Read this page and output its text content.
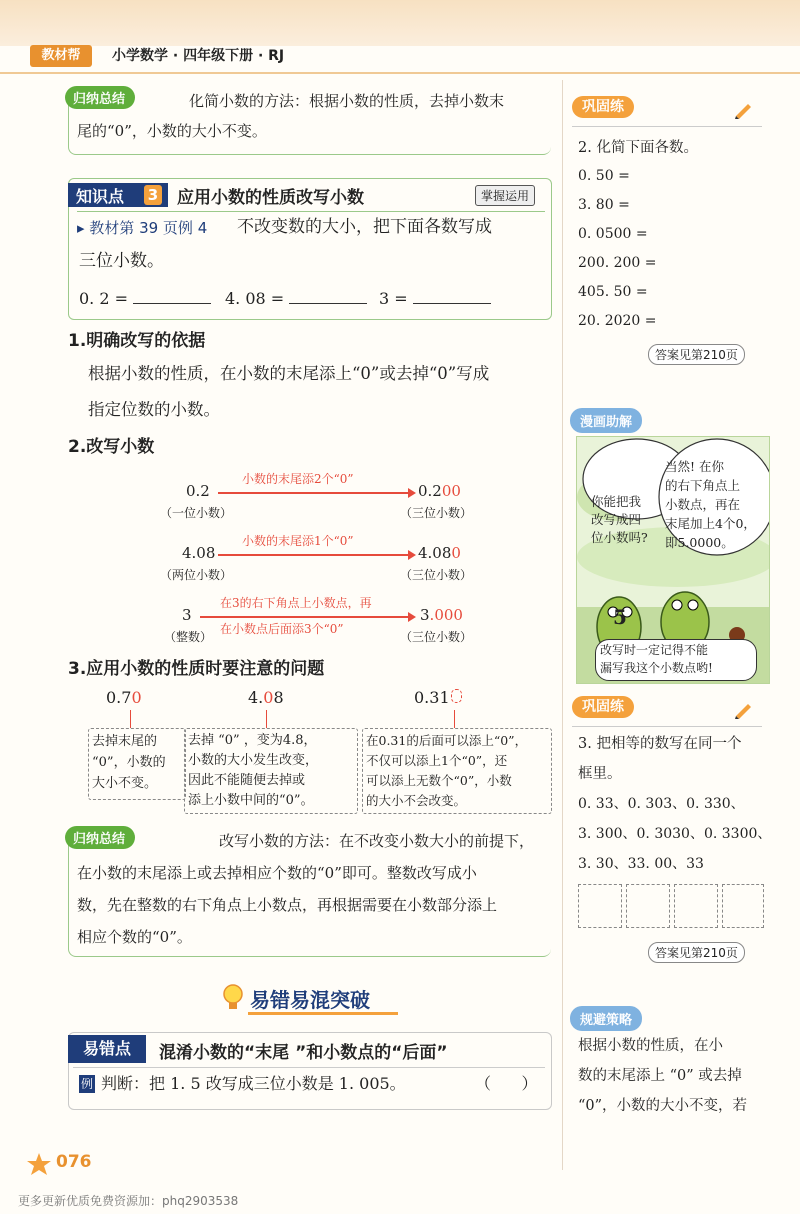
教材帮	小学数学 · 四年级下册 · RJ
归纳总结	化简小数的方法：根据小数的性质，去掉小数末
尾的“0”，小数的大小不变。
知识点 3 应用小数的性质改写小数	掌握运用
▸ 教材第 39 页例 4 不改变数的大小，把下面各数写成
三位小数。
0. 2 =	4. 08 =	3 =
1.明确改写的依据
根据小数的性质，在小数的末尾添上“0”或去掉“0”写成
指定位数的小数。
2.改写小数
0.2
（一位小数）
小数的末尾添2个“0”
0.200
（三位小数）
4.08
（两位小数）
小数的末尾添1个“0”
4.080
（三位小数）
3
（整数）
在3的右下角点上小数点，再
在小数点后面添3个“0”
3.000
（三位小数）
3.应用小数的性质时要注意的问题
0.70	4.08	0.31
去掉末尾的
“0”，小数的
大小不变。
去掉 “0” ，变为4.8，
小数的大小发生改变，
因此不能随便去掉或
添上小数中间的“0”。
在0.31的后面可以添上“0”，
不仅可以添上1个“0”，还
可以添上无数个“0”，小数
的大小不会改变。
归纳总结	改写小数的方法：在不改变小数大小的前提下，
在小数的末尾添上或去掉相应个数的“0”即可。整数改写成小
数，先在整数的右下角点上小数点，再根据需要在小数部分添上
相应个数的“0”。
易错易混突破
易错点	混淆小数的“末尾 ”和小数点的“后面”
例 判断：把 1. 5 改写成三位小数是 1. 005。	（      ）
巩固练
2. 化简下面各数。
0. 50 =
3. 80 =
0. 0500 =
200. 200 =
405. 50 =
20. 2020 =
答案见第210页
漫画助解
你能把我
改写成四
位小数吗?
当然! 在你
的右下角点上
小数点，再在
末尾加上4个0，
即5.0000。
5
改写时一定记得不能
漏写我这个小数点哟!
巩固练
3. 把相等的数写在同一个
框里。
0. 33、0. 303、0. 330、
3. 300、0. 3030、0. 3300、
3. 30、33. 00、33
答案见第210页
规避策略
根据小数的性质，在小
数的末尾添上 “0” 或去掉
“0”，小数的大小不变，若
076
更多更新优质免费资源加：phq2903538
